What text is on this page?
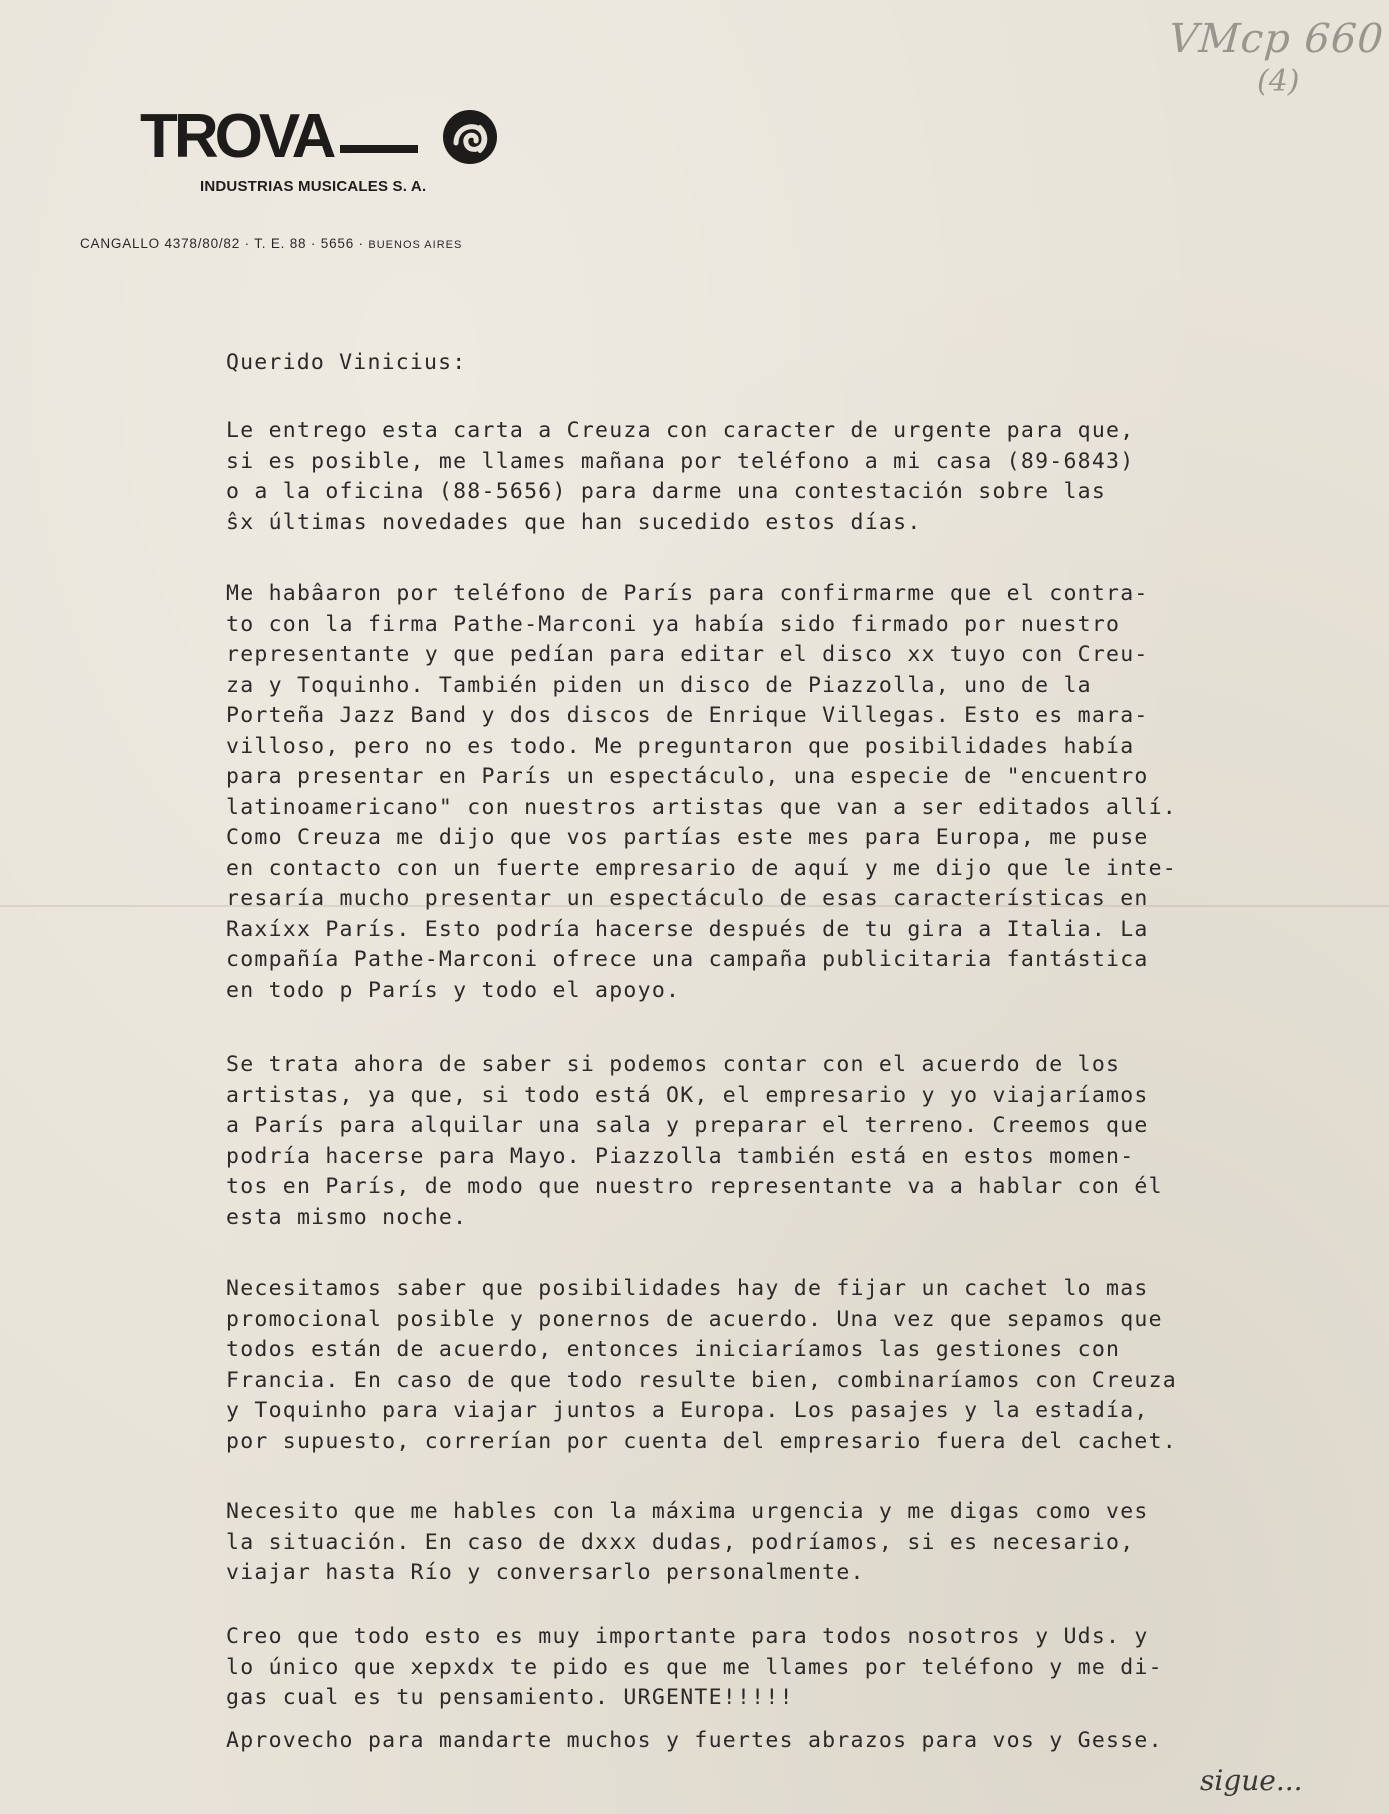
TROVA
INDUSTRIAS MUSICALES S. A.
CANGALLO 4378/80/82 · T. E. 88 · 5656 · BUENOS AIRES
VMcp 660
(4)
Querido Vinicius:
Le entrego esta carta a Creuza con caracter de urgente para que,
si es posible, me llames mañana por teléfono a mi casa (89-6843)
o a la oficina (88-5656) para darme una contestación sobre las
ŝx últimas novedades que han sucedido estos días.
Me habâaron por teléfono de París para confirmarme que el contra-
to con la firma Pathe-Marconi ya había sido firmado por nuestro
representante y que pedían para editar el disco xx tuyo con Creu-
za y Toquinho. También piden un disco de Piazzolla, uno de la
Porteña Jazz Band y dos discos de Enrique Villegas. Esto es mara-
villoso, pero no es todo. Me preguntaron que posibilidades había
para presentar en París un espectáculo, una especie de "encuentro
latinoamericano" con nuestros artistas que van a ser editados allí.
Como Creuza me dijo que vos partías este mes para Europa, me puse
en contacto con un fuerte empresario de aquí y me dijo que le inte-
resaría mucho presentar un espectáculo de esas características en
Raxíxx París. Esto podría hacerse después de tu gira a Italia. La
compañía Pathe-Marconi ofrece una campaña publicitaria fantástica
en todo p París y todo el apoyo.
Se trata ahora de saber si podemos contar con el acuerdo de los
artistas, ya que, si todo está OK, el empresario y yo viajaríamos
a París para alquilar una sala y preparar el terreno. Creemos que
podría hacerse para Mayo. Piazzolla también está en estos momen-
tos en París, de modo que nuestro representante va a hablar con él
esta mismo noche.
Necesitamos saber que posibilidades hay de fijar un cachet lo mas
promocional posible y ponernos de acuerdo. Una vez que sepamos que
todos están de acuerdo, entonces iniciaríamos las gestiones con
Francia. En caso de que todo resulte bien, combinaríamos con Creuza
y Toquinho para viajar juntos a Europa. Los pasajes y la estadía,
por supuesto, correrían por cuenta del empresario fuera del cachet.
Necesito que me hables con la máxima urgencia y me digas como ves
la situación. En caso de dxxx dudas, podríamos, si es necesario,
viajar hasta Río y conversarlo personalmente.
Creo que todo esto es muy importante para todos nosotros y Uds. y
lo único que xepxdx te pido es que me llames por teléfono y me di-
gas cual es tu pensamiento. URGENTE!!!!!
Aprovecho para mandarte muchos y fuertes abrazos para vos y Gesse.
sigue...
